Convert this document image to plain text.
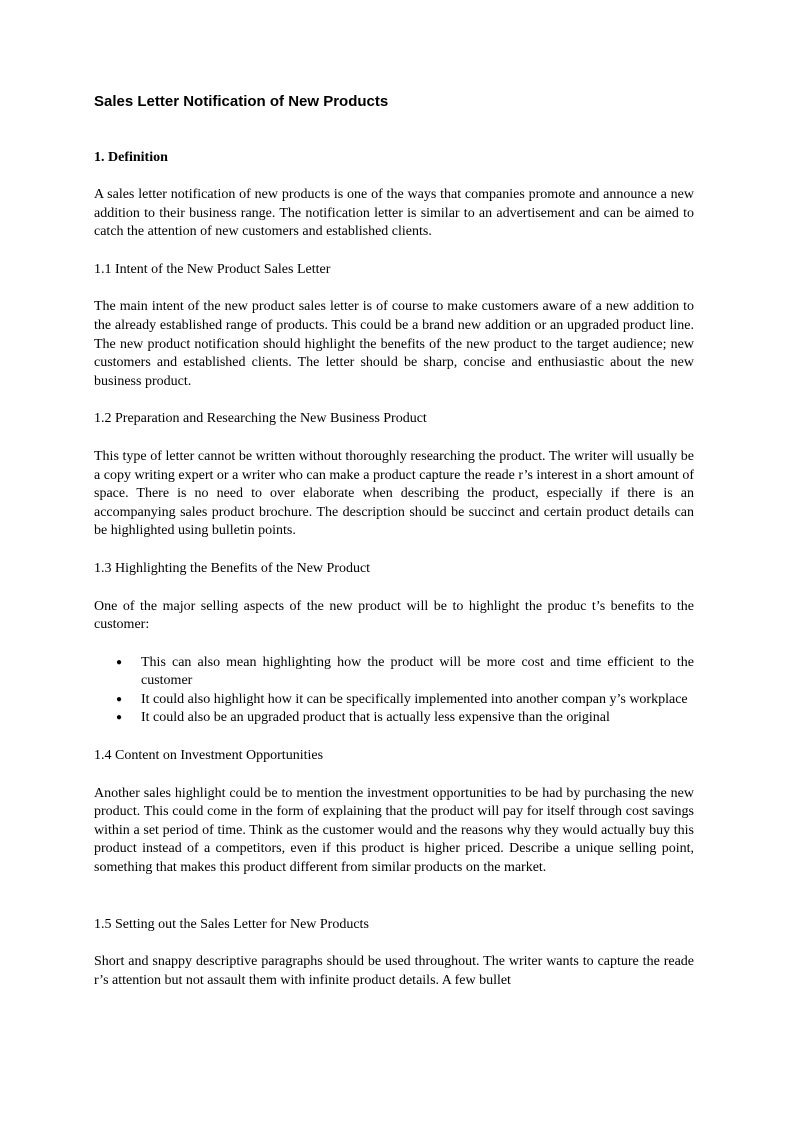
Sales Letter Notification of New Products
1. Definition

A sales letter notification of new products is one of the ways that companies promote and announce a new addition to their business range. The notification letter is similar to an advertisement and can be aimed to catch the attention of new customers and established clients.

1.1 Intent of the New Product Sales Letter

The main intent of the new product sales letter is of course to make customers aware of a new addition to the already established range of products. This could be a brand new addition or an upgraded product line. The new product notification should highlight the benefits of the new product to the target audience; new customers and established clients. The letter should be sharp, concise and enthusiastic about the new business product.

1.2 Preparation and Researching the New Business Product

This type of letter cannot be written without thoroughly researching the product. The writer will usually be a copy writing expert or a writer who can make a product capture the reade r’s interest in a short amount of space. There is no need to over elaborate when describing the product, especially if there is an accompanying sales product brochure. The description should be succinct and certain product details can be highlighted using bulletin points.

1.3 Highlighting the Benefits of the New Product

One of the major selling aspects of the new product will be to highlight the produc t’s benefits to the customer:

● This can also mean highlighting how the product will be more cost and time efficient to the customer
● It could also highlight how it can be specifically implemented into another compan y’s workplace
● It could also be an upgraded product that is actually less expensive than the original
1.4 Content on Investment Opportunities

Another sales highlight could be to mention the investment opportunities to be had by purchasing the new product. This could come in the form of explaining that the product will pay for itself through cost savings within a set period of time. Think as the customer would and the reasons why they would actually buy this product instead of a competitors, even if this product is higher priced. Describe a unique selling point, something that makes this product different from similar products on the market.

1.5 Setting out the Sales Letter for New Products

Short and snappy descriptive paragraphs should be used throughout. The writer wants to capture the reade r’s attention but not assault them with infinite product details. A few bullet
